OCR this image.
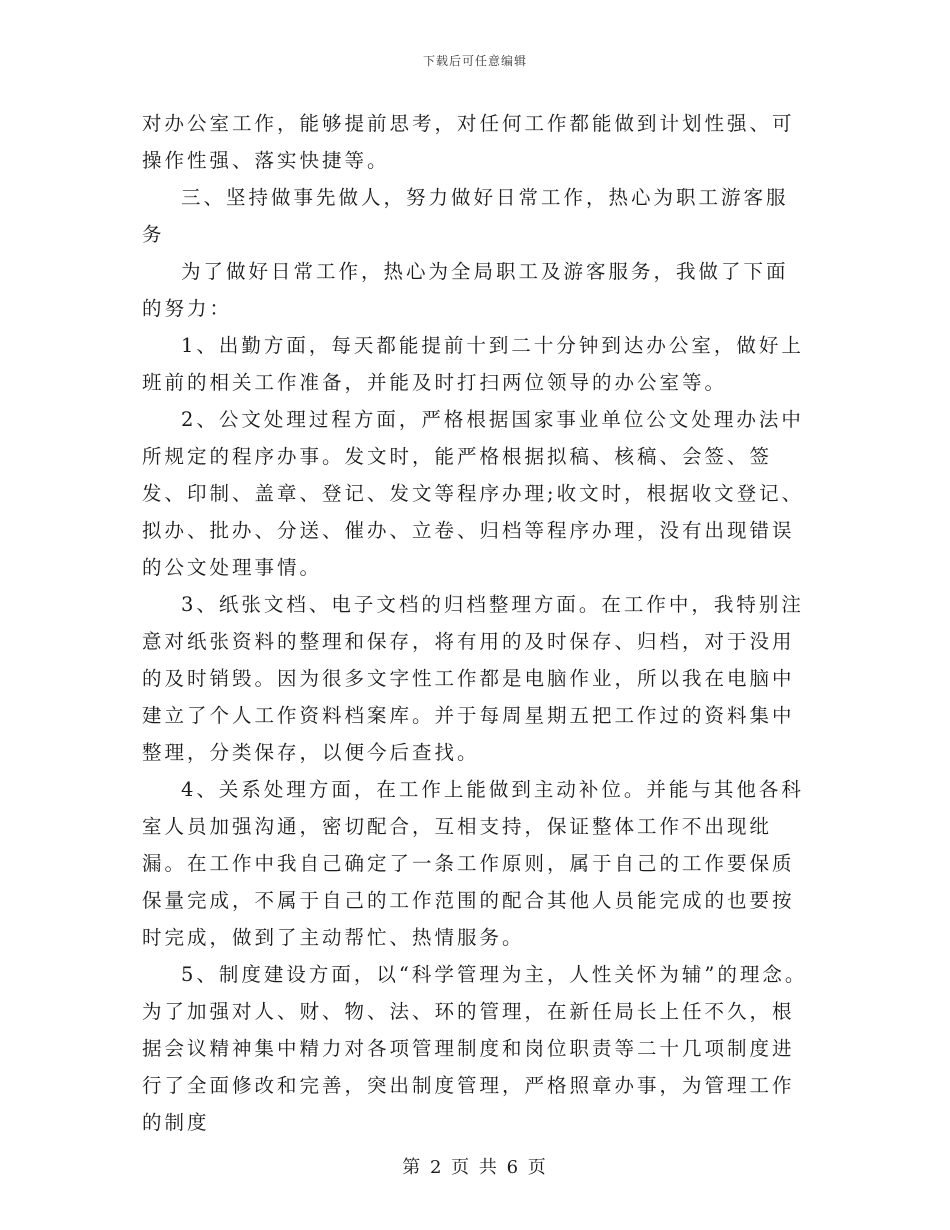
下载后可任意编辑

对办公室工作，能够提前思考，对任何工作都能做到计划性强、可操作性强、落实快捷等。

三、坚持做事先做人，努力做好日常工作，热心为职工游客服务

为了做好日常工作，热心为全局职工及游客服务，我做了下面的努力：

1、出勤方面，每天都能提前十到二十分钟到达办公室，做好上班前的相关工作准备，并能及时打扫两位领导的办公室等。

2、公文处理过程方面，严格根据国家事业单位公文处理办法中所规定的程序办事。发文时，能严格根据拟稿、核稿、会签、签发、印制、盖章、登记、发文等程序办理;收文时，根据收文登记、拟办、批办、分送、催办、立卷、归档等程序办理，没有出现错误的公文处理事情。

3、纸张文档、电子文档的归档整理方面。在工作中，我特别注意对纸张资料的整理和保存，将有用的及时保存、归档，对于没用的及时销毁。因为很多文字性工作都是电脑作业，所以我在电脑中建立了个人工作资料档案库。并于每周星期五把工作过的资料集中整理，分类保存，以便今后查找。

4、关系处理方面，在工作上能做到主动补位。并能与其他各科室人员加强沟通，密切配合，互相支持，保证整体工作不出现纰漏。在工作中我自己确定了一条工作原则，属于自己的工作要保质保量完成，不属于自己的工作范围的配合其他人员能完成的也要按时完成，做到了主动帮忙、热情服务。

5、制度建设方面，以“科学管理为主，人性关怀为辅”的理念。为了加强对人、财、物、法、环的管理，在新任局长上任不久，根据会议精神集中精力对各项管理制度和岗位职责等二十几项制度进行了全面修改和完善，突出制度管理，严格照章办事，为管理工作的制度

第 2 页 共 6 页
